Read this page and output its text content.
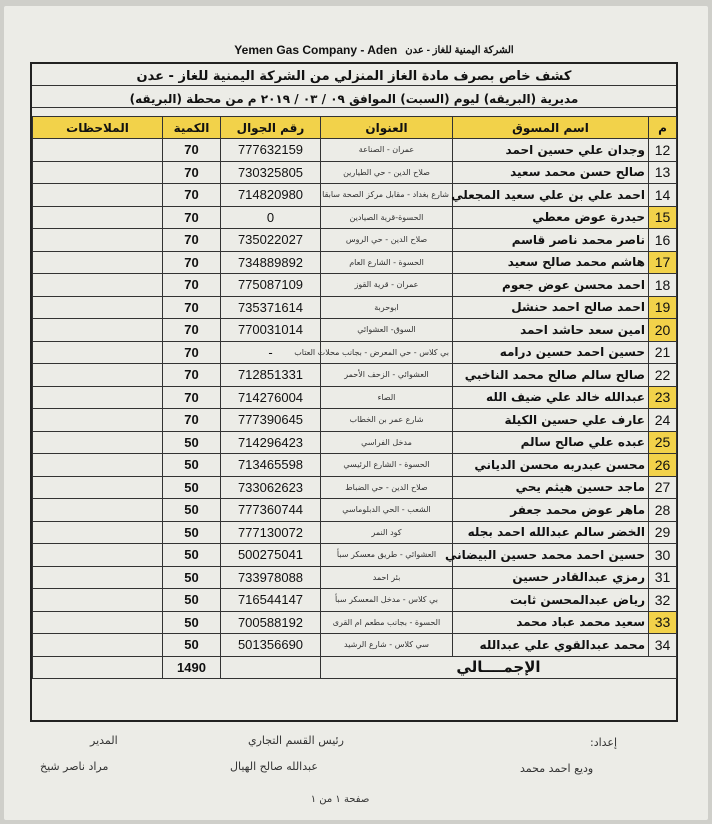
Yemen Gas Company - Aden الشركة اليمنية للغاز - عدن
كشف خاص بصرف مادة الغاز المنزلي من الشركة اليمنية للغاز - عدن
مديرية (البريقه) ليوم (السبت) الموافق ٠٩ / ٠٣ / ٢٠١٩ م من محطة (البريقه)
م	اسم المسوق	العنوان	رقم الجوال	الكمية	الملاحظات
12	وجدان علي حسين احمد	عمران - الصناعة	777632159	70	
13	صالح حسن محمد سعيد	صلاح الدين - حي الطيارين	730325805	70	
14	احمد علي بن علي سعيد المجعلي	شارع بغداد - مقابل مركز الصحة سابقا	714820980	70	
15	حيدرة عوض معطي	الحسوة-قرية الصيادين	0	70	
16	ناصر محمد ناصر قاسم	صلاح الدين - حي الروس	735022027	70	
17	هاشم محمد صالح سعيد	الحسوة - الشارع العام	734889892	70	
18	احمد محسن عوض جعوم	عمران - قرية القوز	775087109	70	
19	احمد صالح احمد حنشل	ابوحربة	735371614	70	
20	امين سعد حاشد احمد	السوق- العشوائي	770031014	70	
21	حسين احمد حسين درامه	بي كلاس - حي المعرض - بجانب محلات العتاب	-	70	
22	صالح سالم صالح محمد الناخبي	العشوائي - الزحف الأحمر	712851331	70	
23	عبدالله خالد علي ضيف الله	الصاء	714276004	70	
24	عارف علي حسين الكيلة	شارع عمر بن الخطاب	777390645	70	
25	عبده علي صالح سالم	مدخل الفراسي	714296423	50	
26	محسن عبدربه محسن الدياني	الحسوة - الشارع الرئيسي	713465598	50	
27	ماجد حسين هيثم يحي	صلاح الدين - حي الضباط	733062623	50	
28	ماهر عوض محمد جعفر	الشعب - الحي الدبلوماسي	777360744	50	
29	الخضر سالم عبدالله احمد بجله	كود النمر	777130072	50	
30	حسين احمد محمد حسين البيضاني	العشوائي - طريق معسكر سبأ	500275041	50	
31	رمزي عبدالقادر حسين	بئر احمد	733978088	50	
32	رياض عبدالمحسن ثابت	بي كلاس - مدخل المعسكر سبأ	716544147	50	
33	سعيد محمد عباد محمد	الحسوة - بجانب مطعم ام القرى	700588192	50	
34	محمد عبدالقوي علي عبدالله	سي كلاس - شارع الرشيد	501356690	50	
الإجمــــالي				1490	
إعداد:
وديع احمد محمد
رئيس القسم التجاري
عبدالله صالح الهيال
المدير
مراد ناصر شيخ
صفحة ١ من ١
